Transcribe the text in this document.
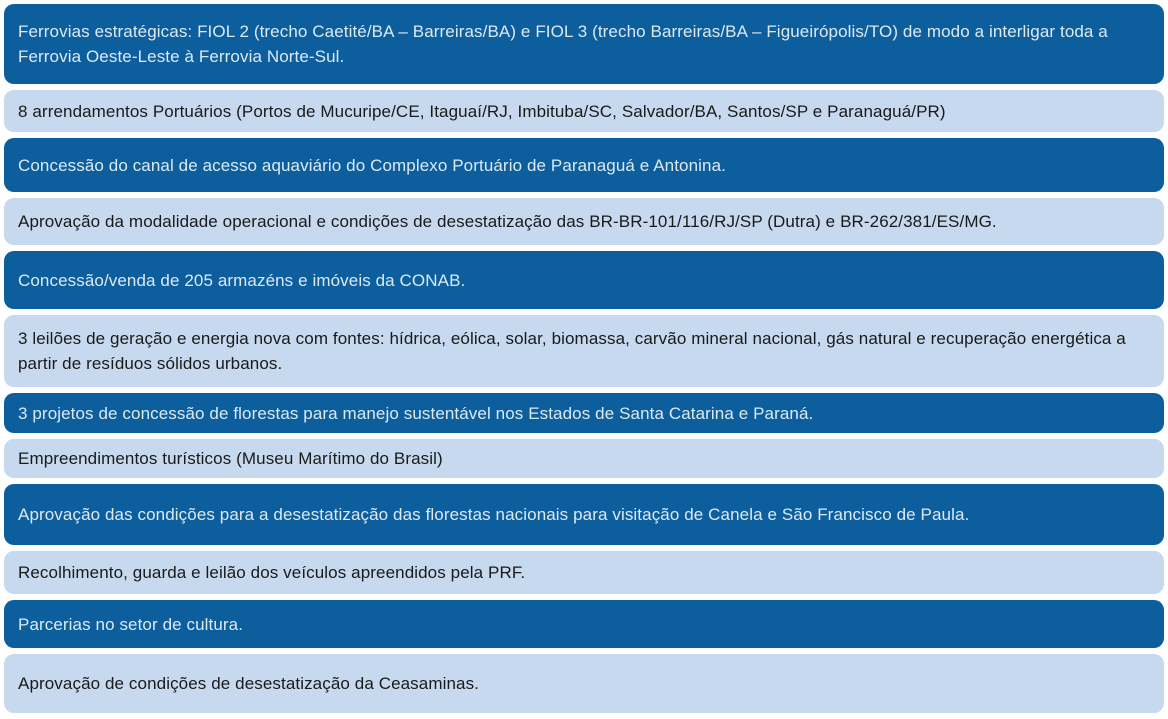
Ferrovias estratégicas: FIOL 2 (trecho Caetité/BA – Barreiras/BA) e FIOL 3 (trecho Barreiras/BA – Figueirópolis/TO) de modo a interligar toda a Ferrovia Oeste-Leste à Ferrovia Norte-Sul.
8 arrendamentos Portuários (Portos de Mucuripe/CE, Itaguaí/RJ, Imbituba/SC, Salvador/BA, Santos/SP e Paranaguá/PR)
Concessão do canal de acesso aquaviário do Complexo Portuário de Paranaguá e Antonina.
Aprovação da modalidade operacional e condições de desestatização das BR-BR-101/116/RJ/SP (Dutra) e BR-262/381/ES/MG.
Concessão/venda de 205 armazéns e imóveis da CONAB.
3 leilões de geração e energia nova com fontes: hídrica, eólica, solar, biomassa, carvão mineral nacional, gás natural e recuperação energética a partir de resíduos sólidos urbanos.
3 projetos de concessão de florestas para manejo sustentável nos Estados de Santa Catarina e Paraná.
Empreendimentos turísticos (Museu Marítimo do Brasil)
Aprovação das condições para a desestatização das florestas nacionais para visitação de Canela e São Francisco de Paula.
Recolhimento, guarda e leilão dos veículos apreendidos pela PRF.
Parcerias no setor de cultura.
Aprovação de condições de desestatização da Ceasaminas.
